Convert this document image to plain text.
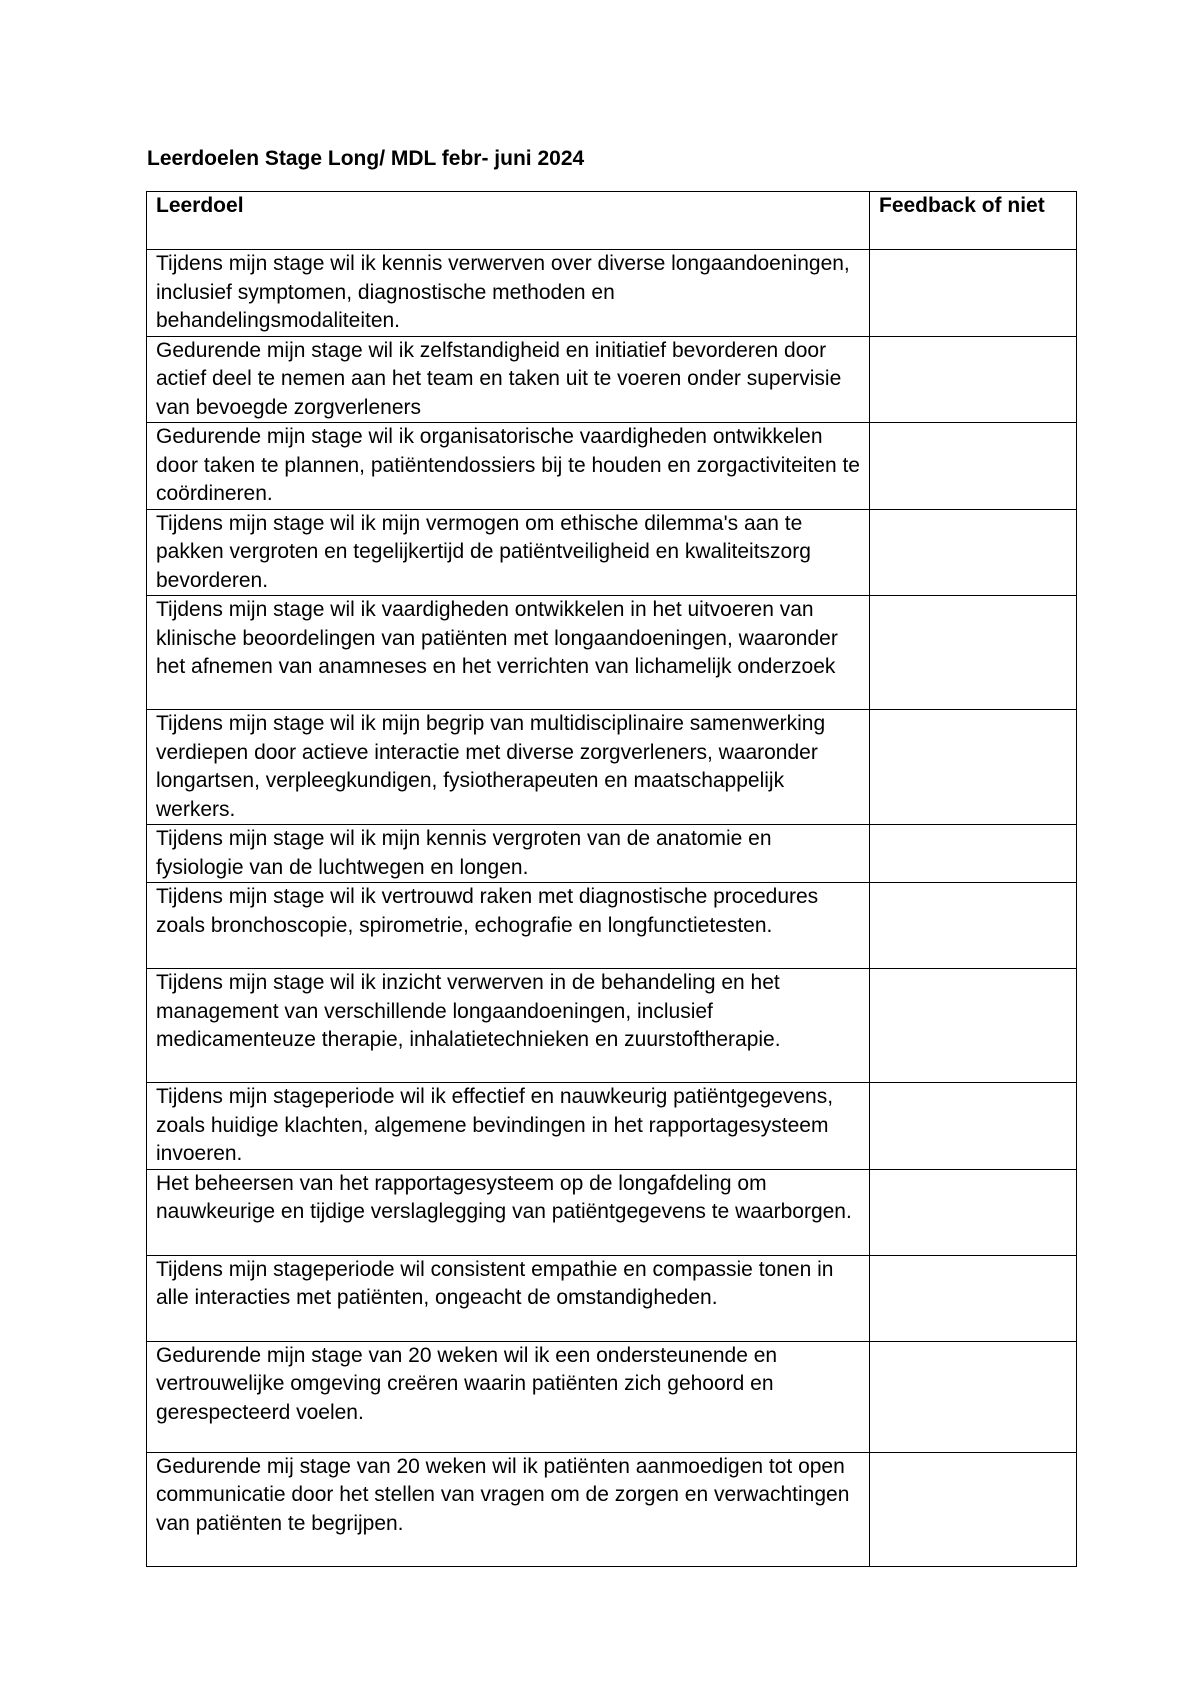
Leerdoelen Stage Long/ MDL febr- juni 2024
Leerdoel	Feedback of niet
Tijdens mijn stage wil ik kennis verwerven over diverse longaandoeningen, inclusief symptomen, diagnostische methoden en behandelingsmodaliteiten.	
Gedurende mijn stage wil ik zelfstandigheid en initiatief bevorderen door actief deel te nemen aan het team en taken uit te voeren onder supervisie van bevoegde zorgverleners	
Gedurende mijn stage wil ik organisatorische vaardigheden ontwikkelen door taken te plannen, patiëntendossiers bij te houden en zorgactiviteiten te coördineren.	
Tijdens mijn stage wil ik mijn vermogen om ethische dilemma's aan te pakken vergroten en tegelijkertijd de patiëntveiligheid en kwaliteitszorg bevorderen.	
Tijdens mijn stage wil ik vaardigheden ontwikkelen in het uitvoeren van klinische beoordelingen van patiënten met longaandoeningen, waaronder het afnemen van anamneses en het verrichten van lichamelijk onderzoek	
Tijdens mijn stage wil ik mijn begrip van multidisciplinaire samenwerking verdiepen door actieve interactie met diverse zorgverleners, waaronder longartsen, verpleegkundigen, fysiotherapeuten en maatschappelijk werkers.	
Tijdens mijn stage wil ik mijn kennis vergroten van de anatomie en fysiologie van de luchtwegen en longen.	
Tijdens mijn stage wil ik vertrouwd raken met diagnostische procedures zoals bronchoscopie, spirometrie, echografie en longfunctietesten.	
Tijdens mijn stage wil ik inzicht verwerven in de behandeling en het management van verschillende longaandoeningen, inclusief medicamenteuze therapie, inhalatietechnieken en zuurstoftherapie.	
Tijdens mijn stageperiode wil ik effectief en nauwkeurig patiëntgegevens, zoals huidige klachten, algemene bevindingen in het rapportagesysteem invoeren.	
Het beheersen van het rapportagesysteem op de longafdeling om nauwkeurige en tijdige verslaglegging van patiëntgegevens te waarborgen.	
Tijdens mijn stageperiode wil consistent empathie en compassie tonen in alle interacties met patiënten, ongeacht de omstandigheden.	
Gedurende mijn stage van 20 weken wil ik een ondersteunende en vertrouwelijke omgeving creëren waarin patiënten zich gehoord en gerespecteerd voelen.	
Gedurende mij stage van 20 weken wil ik patiënten aanmoedigen tot open communicatie door het stellen van vragen om de zorgen en verwachtingen van patiënten te begrijpen.	
